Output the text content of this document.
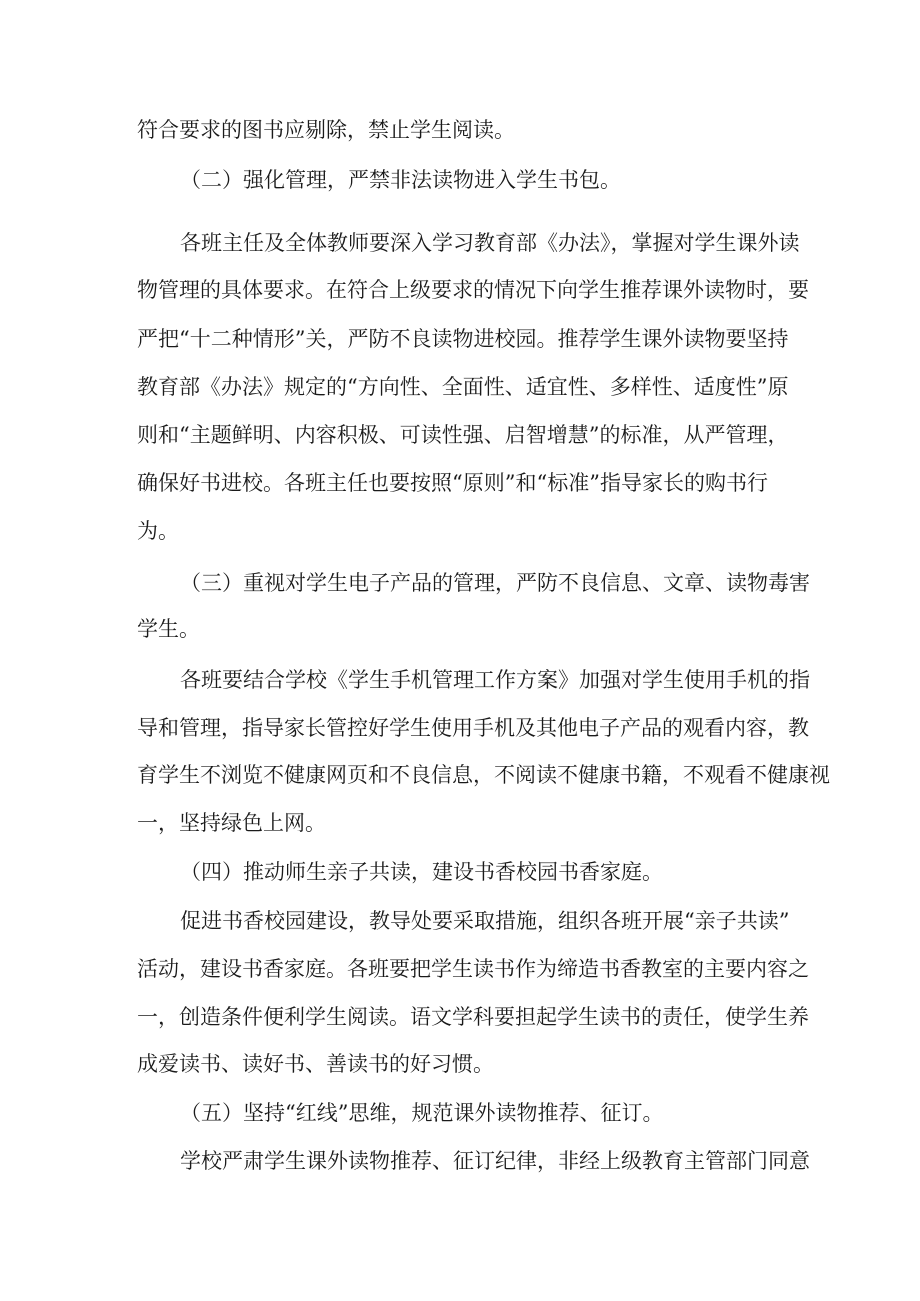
符合要求的图书应剔除，禁止学生阅读。

（二）强化管理，严禁非法读物进入学生书包。

各班主任及全体教师要深入学习教育部《办法》，掌握对学生课外读

物管理的具体要求。在符合上级要求的情况下向学生推荐课外读物时，要

严把“十二种情形”关，严防不良读物进校园。推荐学生课外读物要坚持

教育部《办法》规定的“方向性、全面性、适宜性、多样性、适度性”原

则和“主题鲜明、内容积极、可读性强、启智增慧”的标准，从严管理，

确保好书进校。各班主任也要按照“原则”和“标准”指导家长的购书行

为。

（三）重视对学生电子产品的管理，严防不良信息、文章、读物毒害

学生。

各班要结合学校《学生手机管理工作方案》加强对学生使用手机的指

导和管理，指导家长管控好学生使用手机及其他电子产品的观看内容，教

育学生不浏览不健康网页和不良信息，不阅读不健康书籍，不观看不健康视

一，坚持绿色上网。

（四）推动师生亲子共读，建设书香校园书香家庭。

促进书香校园建设，教导处要采取措施，组织各班开展“亲子共读”

活动，建设书香家庭。各班要把学生读书作为缔造书香教室的主要内容之

一，创造条件便利学生阅读。语文学科要担起学生读书的责任，使学生养

成爱读书、读好书、善读书的好习惯。

（五）坚持“红线”思维，规范课外读物推荐、征订。

学校严肃学生课外读物推荐、征订纪律，非经上级教育主管部门同意
